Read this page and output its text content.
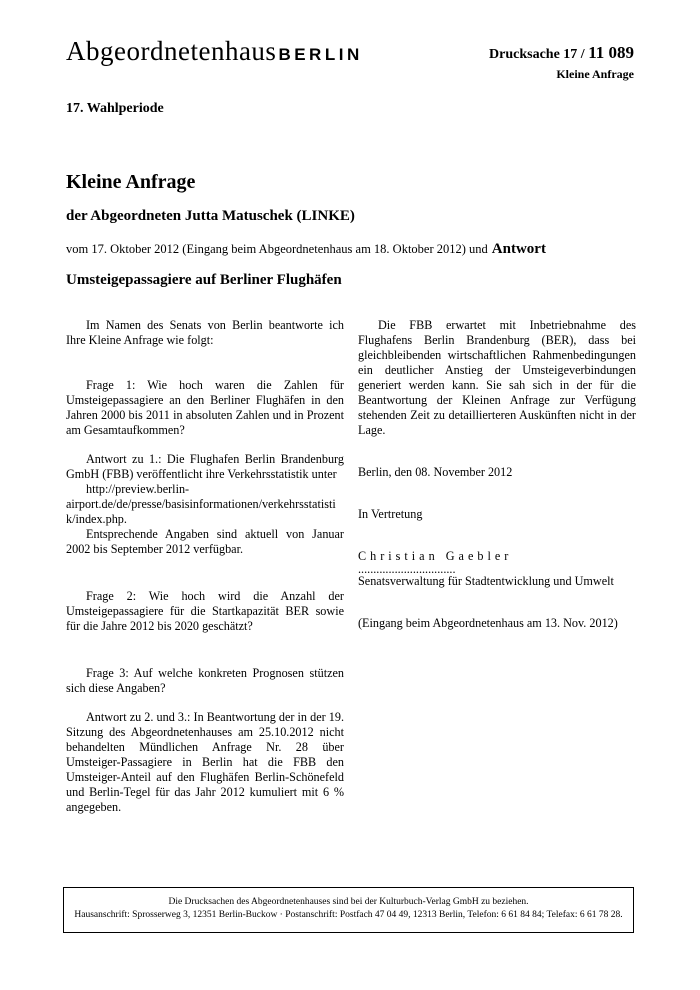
Abgeordnetenhaus BERLIN	Drucksache 17 / 11 089
Kleine Anfrage
17. Wahlperiode
Kleine Anfrage
der Abgeordneten Jutta Matuschek (LINKE)
vom 17. Oktober 2012 (Eingang beim Abgeordnetenhaus am 18. Oktober 2012) und Antwort
Umsteigepassagiere auf Berliner Flughäfen

Im Namen des Senats von Berlin beantworte ich Ihre Kleine Anfrage wie folgt:

Frage 1: Wie hoch waren die Zahlen für Umsteigepassagiere an den Berliner Flughäfen in den Jahren 2000 bis 2011 in absoluten Zahlen und in Prozent am Gesamtaufkommen?

Antwort zu 1.: Die Flughafen Berlin Brandenburg GmbH (FBB) veröffentlicht ihre Verkehrsstatistik unter

http://preview.berlin-
airport.de/de/presse/basisinformationen/verkehrsstatistik/index.php.

Entsprechende Angaben sind aktuell von Januar 2002 bis September 2012 verfügbar.

Frage 2: Wie hoch wird die Anzahl der Umsteigepassagiere für die Startkapazität BER sowie für die Jahre 2012 bis 2020 geschätzt?

Frage 3: Auf welche konkreten Prognosen stützen sich diese Angaben?

Antwort zu 2. und 3.: In Beantwortung der in der 19. Sitzung des Abgeordnetenhauses am 25.10.2012 nicht behandelten Mündlichen Anfrage Nr. 28 über Umsteiger-Passagiere in Berlin hat die FBB den Umsteiger-Anteil auf den Flughäfen Berlin-Schönefeld und Berlin-Tegel für das Jahr 2012 kumuliert mit 6 % angegeben.

Die FBB erwartet mit Inbetriebnahme des Flughafens Berlin Brandenburg (BER), dass bei gleichbleibenden wirtschaftlichen Rahmenbedingungen ein deutlicher Anstieg der Umsteigeverbindungen generiert werden kann. Sie sah sich in der für die Beantwortung der Kleinen Anfrage zur Verfügung stehenden Zeit zu detaillierteren Auskünften nicht in der Lage.

Berlin, den 08. November 2012

In Vertretung

Christian Gaebler

................................

Senatsverwaltung für Stadtentwicklung und Umwelt

(Eingang beim Abgeordnetenhaus am 13. Nov. 2012)

Die Drucksachen des Abgeordnetenhauses sind bei der Kulturbuch-Verlag GmbH zu beziehen.
Hausanschrift: Sprosserweg 3, 12351 Berlin-Buckow · Postanschrift: Postfach 47 04 49, 12313 Berlin, Telefon: 6 61 84 84; Telefax: 6 61 78 28.
